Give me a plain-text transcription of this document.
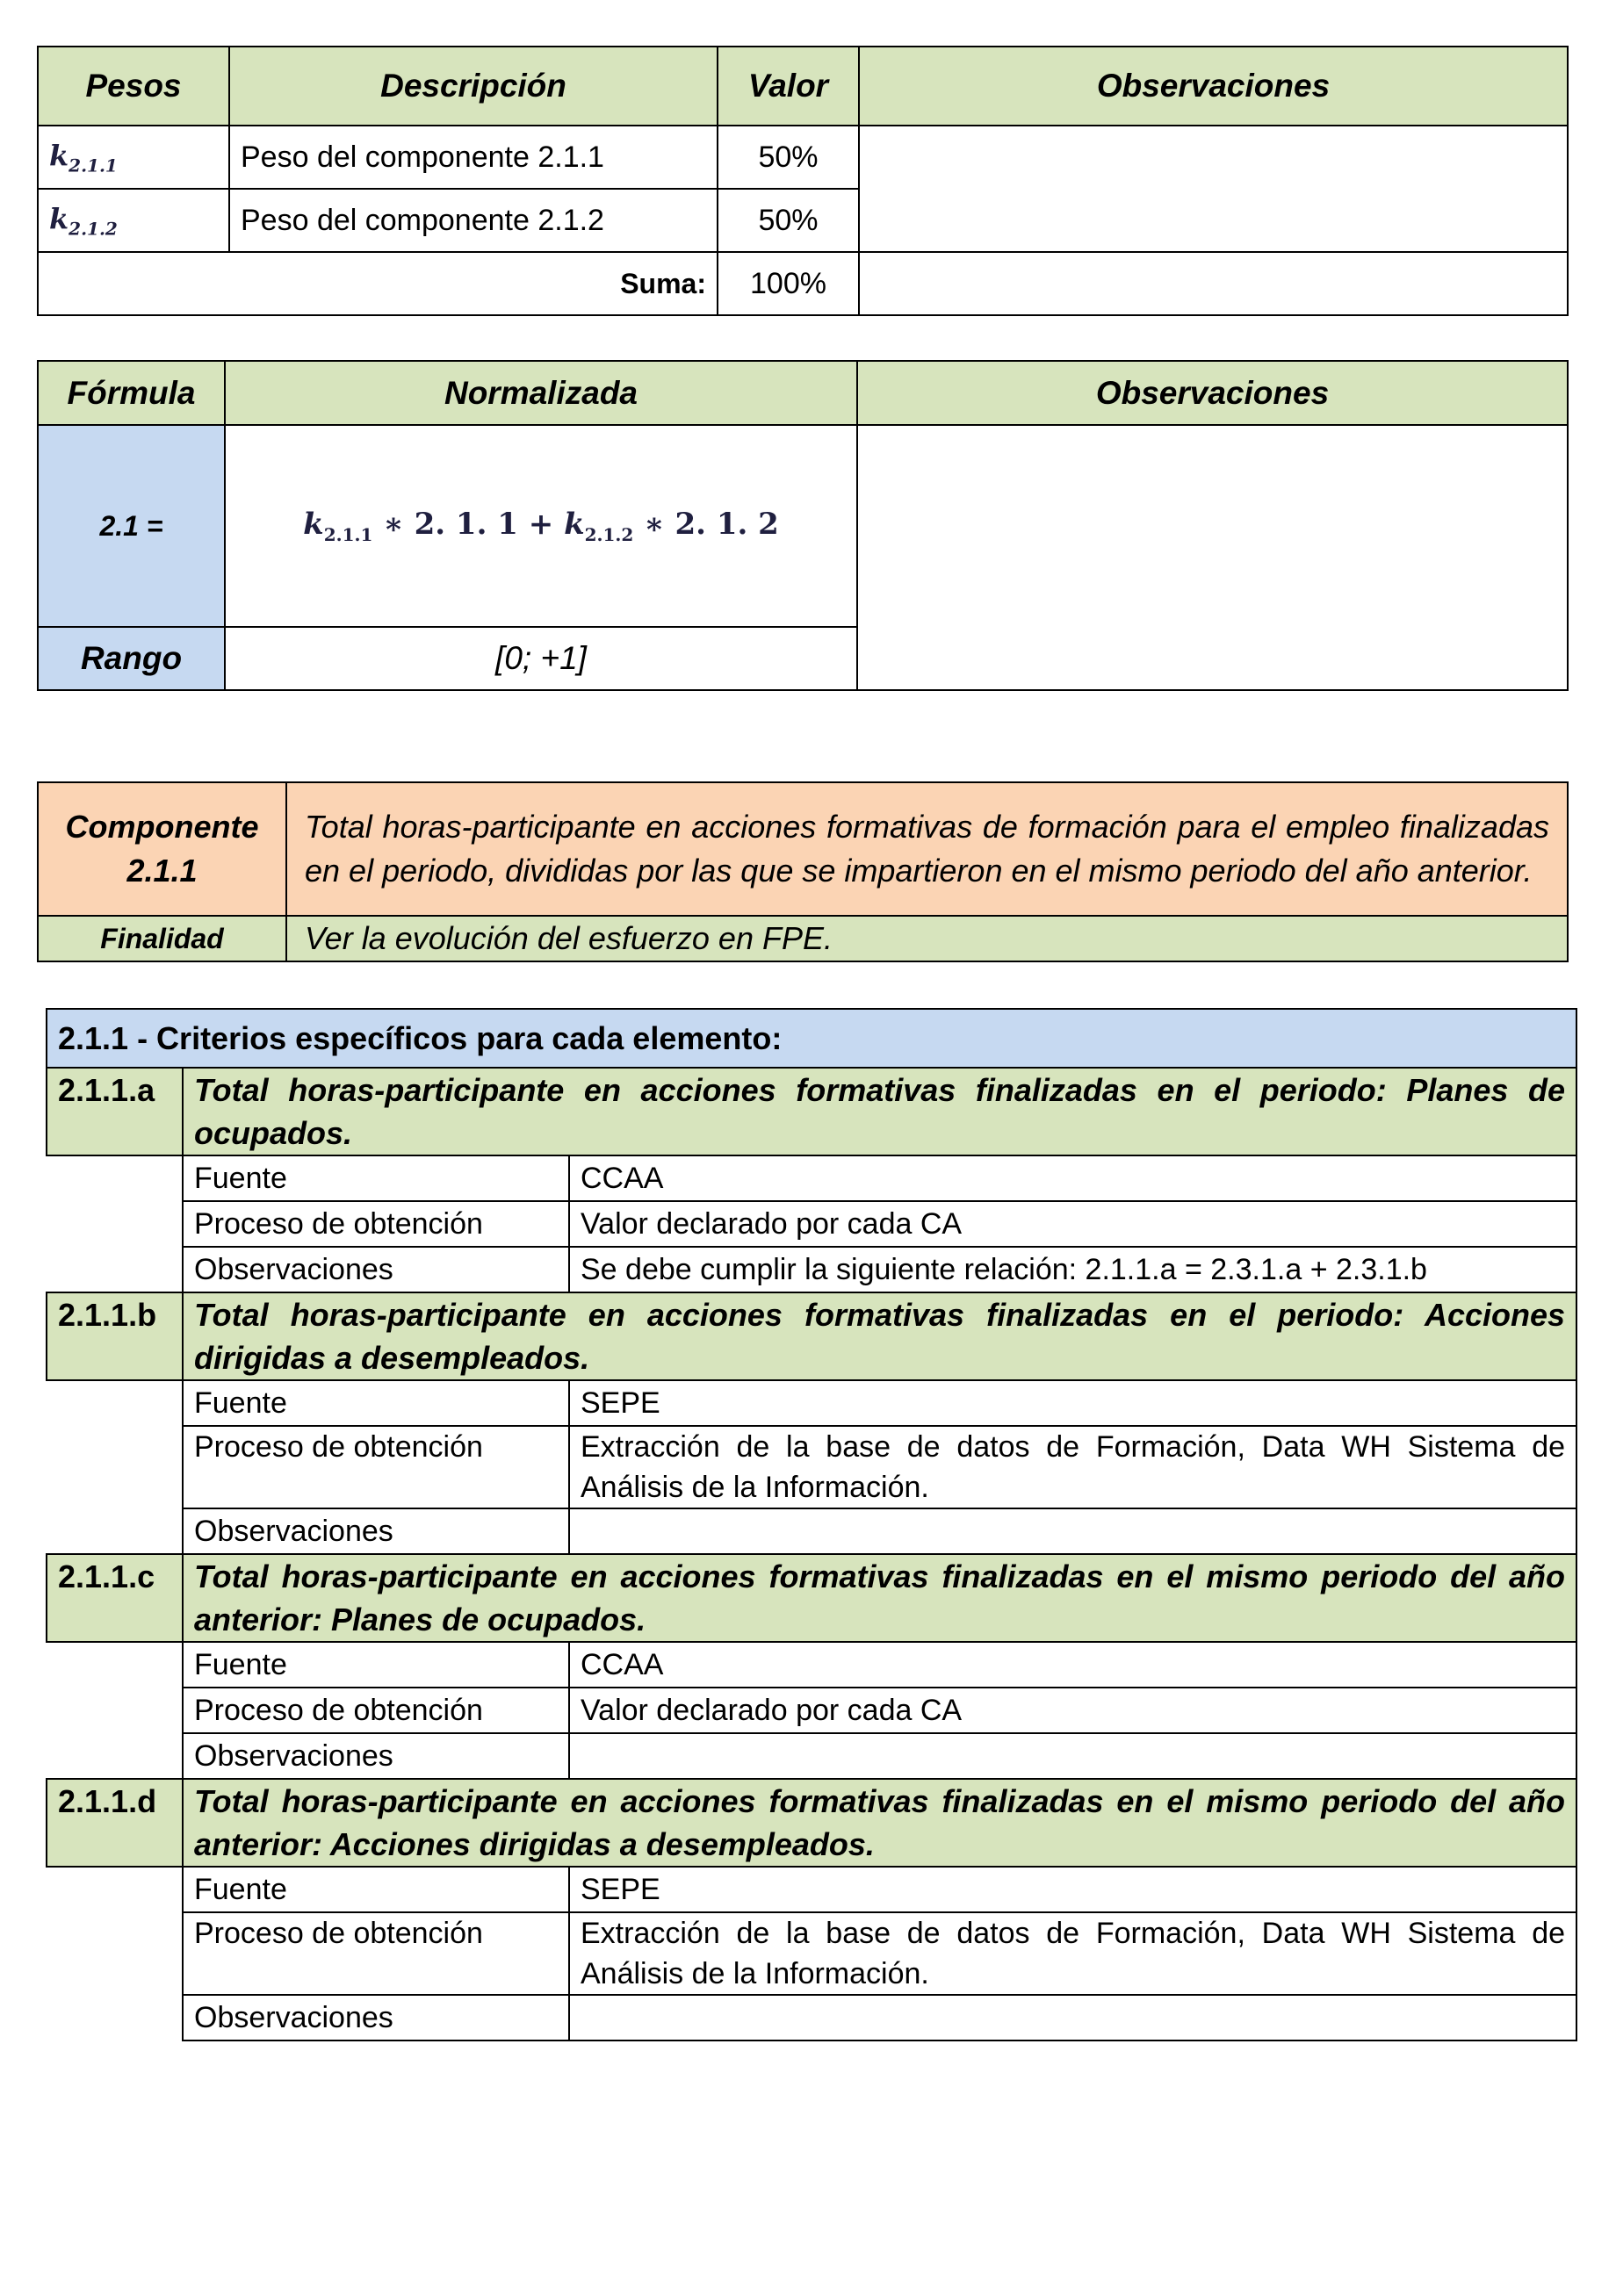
Pesos	Descripción	Valor	Observaciones
$k_{2.1.1}$	Peso del componente 2.1.1	50%	
$k_{2.1.2}$	Peso del componente 2.1.2	50%	
Suma:		100%	
Fórmula	Normalizada	Observaciones
2.1 =	$k_{2.1.1}$ ∗ 2. 1. $1 + k_{2.1.2}$ ∗ 2. 1. 2	
Rango	[0; +1]	
Componente
2.1.1	Total horas-participante en acciones formativas de formación para el empleo finalizadas en el periodo, divididas por las que se impartieron en el mismo periodo del año anterior.
Finalidad	Ver la evolución del esfuerzo en FPE.
2.1.1 - Criterios específicos para cada elemento:		
2.1.1.a	Total horas-participante en acciones formativas finalizadas en el periodo: Planes de ocupados.	
	Fuente	CCAA
	Proceso de obtención	Valor declarado por cada CA
	Observaciones	Se debe cumplir la siguiente relación: 2.1.1.a = 2.3.1.a + 2.3.1.b
2.1.1.b	Total horas-participante en acciones formativas finalizadas en el periodo: Acciones dirigidas a desempleados.	
	Fuente	SEPE
	Proceso de obtención	Extracción de la base de datos de Formación, Data WH Sistema de Análisis de la Información.
	Observaciones	
2.1.1.c	Total horas-participante en acciones formativas finalizadas en el mismo periodo del año anterior: Planes de ocupados.	
	Fuente	CCAA
	Proceso de obtención	Valor declarado por cada CA
	Observaciones	
2.1.1.d	Total horas-participante en acciones formativas finalizadas en el mismo periodo del año anterior: Acciones dirigidas a desempleados.	
	Fuente	SEPE
	Proceso de obtención	Extracción de la base de datos de Formación, Data WH Sistema de Análisis de la Información.
	Observaciones	
